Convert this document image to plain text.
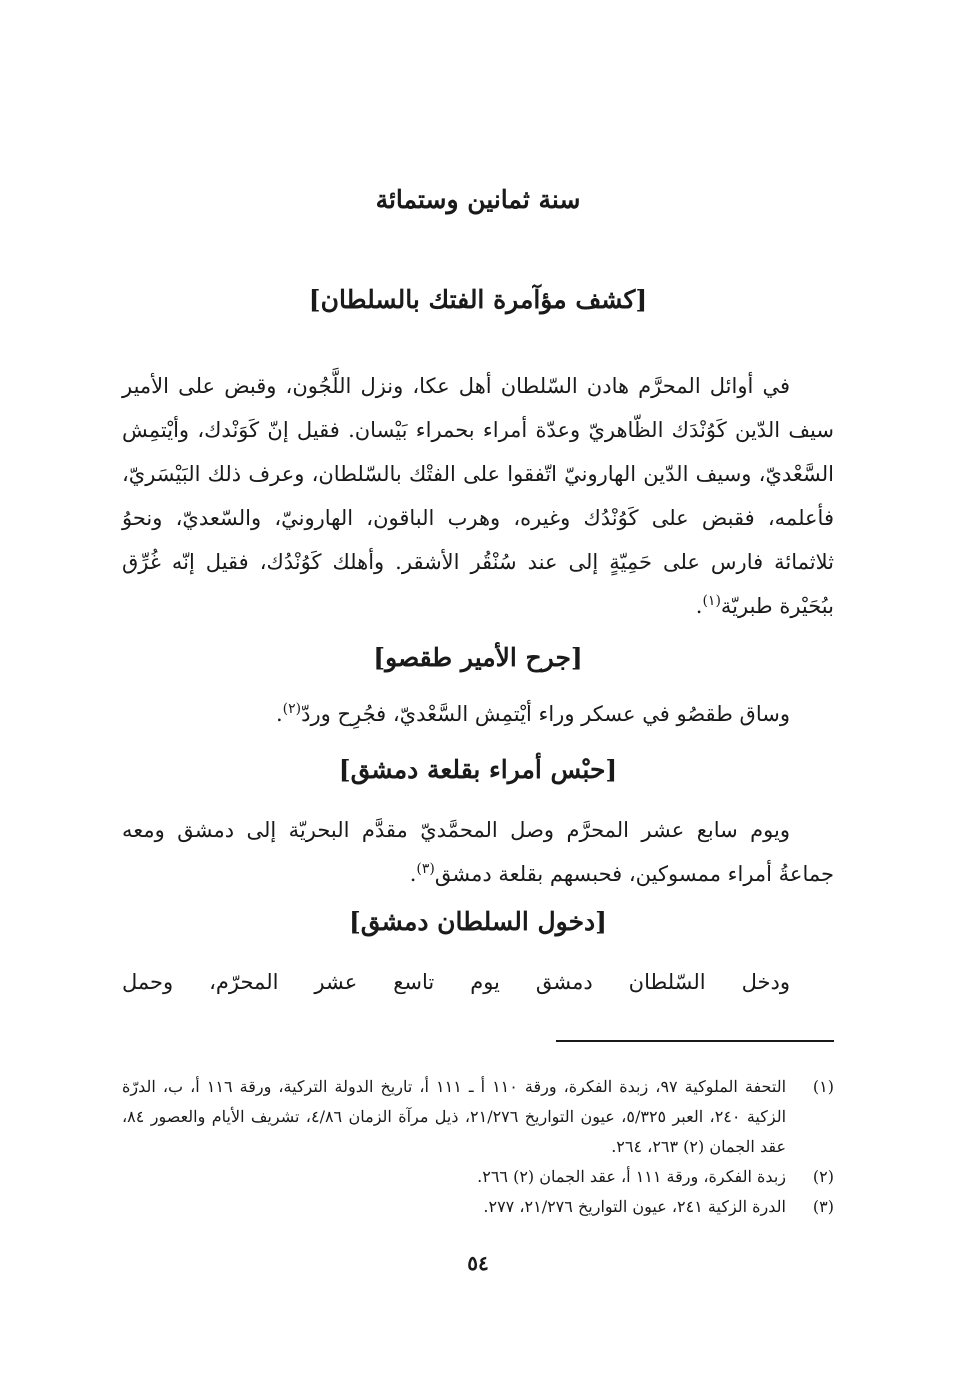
سنة ثمانين وستمائة
[كشف مؤآمرة الفتك بالسلطان]
في أوائل المحرَّم هادن السّلطان أهل عكا، ونزل اللَّجُون، وقبض على الأمير سيف الدّين كَوُنْدَك الظّاهريّ وعدّة أمراء بحمراء بَيْسان. فقيل إنّ كَوَنْدك، وأيْتمِش السَّعْديّ، وسيف الدّين الهارونيّ اتّفقوا على الفتْك بالسّلطان، وعرف ذلك البَيْسَريّ، فأعلمه، فقبض على كَوُنْدُك وغيره، وهرب الباقون، الهارونيّ، والسّعديّ، ونحوُ ثلاثمائة فارس على حَمِيّةٍ إلى عند سُنْقُر الأشقر. وأهلك كَوُنْدُك، فقيل إنّه غُرِّق ببُحَيْرة طبريّة$^{(١)}$.
[جرح الأمير طقصو]
وساق طقصُو في عسكر وراء أيْتمِش السَّعْديّ، فجُرِح وردّ$^{(٢)}$.
[حبْس أمراء بقلعة دمشق]
ويوم سابع عشر المحرَّم وصل المحمَّديّ مقدَّم البحريّة إلى دمشق ومعه جماعةُ أمراء ممسوكين، فحبسهم بقلعة دمشق$^{(٣)}$.
[دخول السلطان دمشق]
ودخل السّلطان دمشق يوم تاسع عشر المحرّم، وحمل
(١)
التحفة الملوكية ٩٧، زبدة الفكرة، ورقة ١١٠ أ ـ ١١١ أ، تاريخ الدولة التركية، ورقة ١١٦ أ، ب، الدرّة الزكية ٢٤٠، العبر ٥/٣٢٥، عيون التواريخ ٢١/٢٧٦، ذيل مرآة الزمان ٤/٨٦، تشريف الأيام والعصور ٨٤، عقد الجمان (٢) ٢٦٣، ٢٦٤.
(٢)
زبدة الفكرة، ورقة ١١١ أ، عقد الجمان (٢) ٢٦٦.
(٣)
الدرة الزكية ٢٤١، عيون التواريخ ٢١/٢٧٦، ٢٧٧.
٥٤
